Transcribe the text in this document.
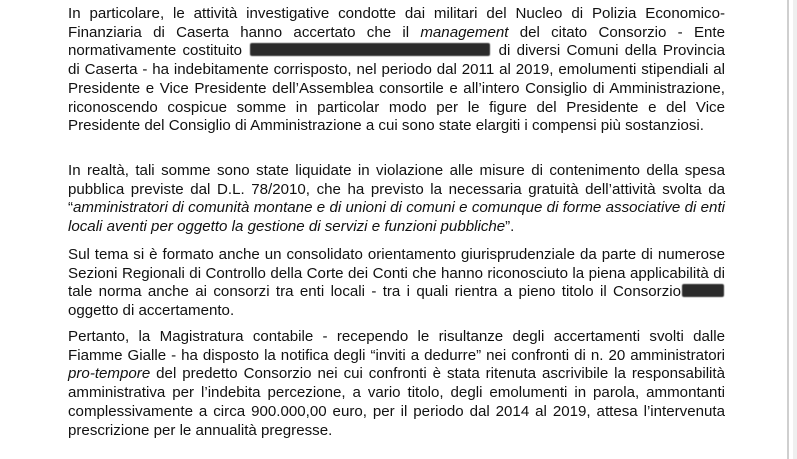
In particolare, le attività investigative condotte dai militari del Nucleo di Polizia Economico-Finanziaria di Caserta hanno accertato che il management del citato Consorzio - Ente normativamente costituito	di diversi Comuni della Provincia di Caserta - ha indebitamente corrisposto, nel periodo dal 2011 al 2019, emolumenti stipendiali al Presidente e Vice Presidente dell’Assemblea consortile e all’intero Consiglio di Amministrazione, riconoscendo cospicue somme in particolar modo per le figure del Presidente e del Vice Presidente del Consiglio di Amministrazione a cui sono state elargiti i compensi più sostanziosi.

In realtà, tali somme sono state liquidate in violazione alle misure di contenimento della spesa pubblica previste dal D.L. 78/2010, che ha previsto la necessaria gratuità dell’attività svolta da “amministratori di comunità montane e di unioni di comuni e comunque di forme associative di enti locali aventi per oggetto la gestione di servizi e funzioni pubbliche”.

Sul tema si è formato anche un consolidato orientamento giurisprudenziale da parte di numerose Sezioni Regionali di Controllo della Corte dei Conti che hanno riconosciuto la piena applicabilità di tale norma anche ai consorzi tra enti locali - tra i quali rientra a pieno titolo il Consorzio oggetto di accertamento.

Pertanto, la Magistratura contabile - recependo le risultanze degli accertamenti svolti dalle Fiamme Gialle - ha disposto la notifica degli “inviti a dedurre” nei confronti di n. 20 amministratori pro-tempore del predetto Consorzio nei cui confronti è stata ritenuta ascrivibile la responsabilità amministrativa per l’indebita percezione, a vario titolo, degli emolumenti in parola, ammontanti complessivamente a circa 900.000,00 euro, per il periodo dal 2014 al 2019, attesa l’intervenuta prescrizione per le annualità pregresse.
